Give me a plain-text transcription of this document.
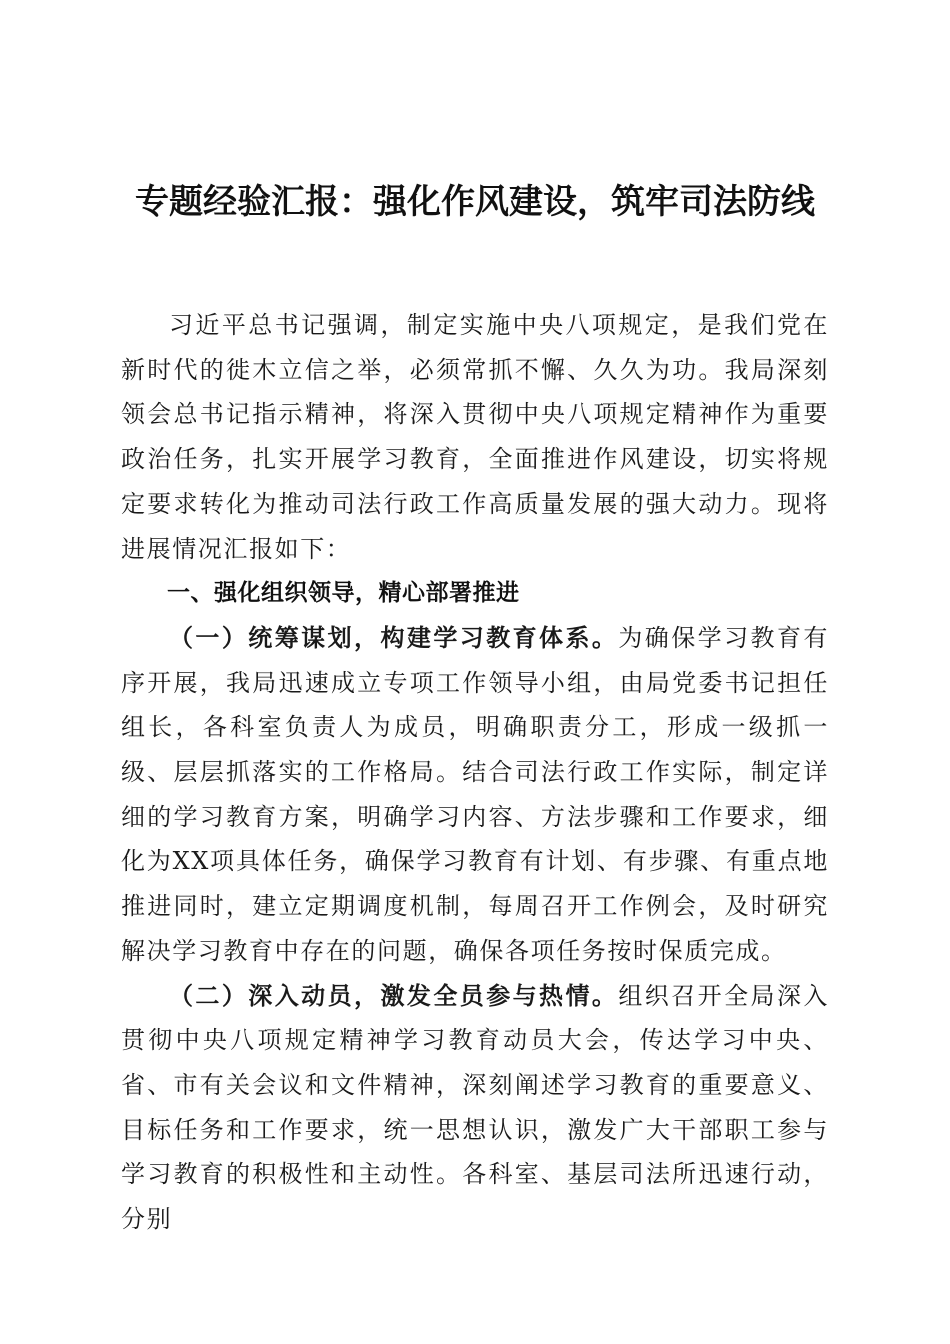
专题经验汇报：强化作风建设，筑牢司法防线

习近平总书记强调，制定实施中央八项规定，是我们党在新时代的徙木立信之举，必须常抓不懈、久久为功。我局深刻领会总书记指示精神，将深入贯彻中央八项规定精神作为重要政治任务，扎实开展学习教育，全面推进作风建设，切实将规定要求转化为推动司法行政工作高质量发展的强大动力。现将进展情况汇报如下：

一、强化组织领导，精心部署推进

（一）统筹谋划，构建学习教育体系。为确保学习教育有序开展，我局迅速成立专项工作领导小组，由局党委书记担任组长，各科室负责人为成员，明确职责分工，形成一级抓一级、层层抓落实的工作格局。结合司法行政工作实际，制定详细的学习教育方案，明确学习内容、方法步骤和工作要求，细化为XX项具体任务，确保学习教育有计划、有步骤、有重点地推进同时，建立定期调度机制，每周召开工作例会，及时研究解决学习教育中存在的问题，确保各项任务按时保质完成。

（二）深入动员，激发全员参与热情。组织召开全局深入贯彻中央八项规定精神学习教育动员大会，传达学习中央、省、市有关会议和文件精神，深刻阐述学习教育的重要意义、目标任务和工作要求，统一思想认识，激发广大干部职工参与学习教育的积极性和主动性。各科室、基层司法所迅速行动，分别
